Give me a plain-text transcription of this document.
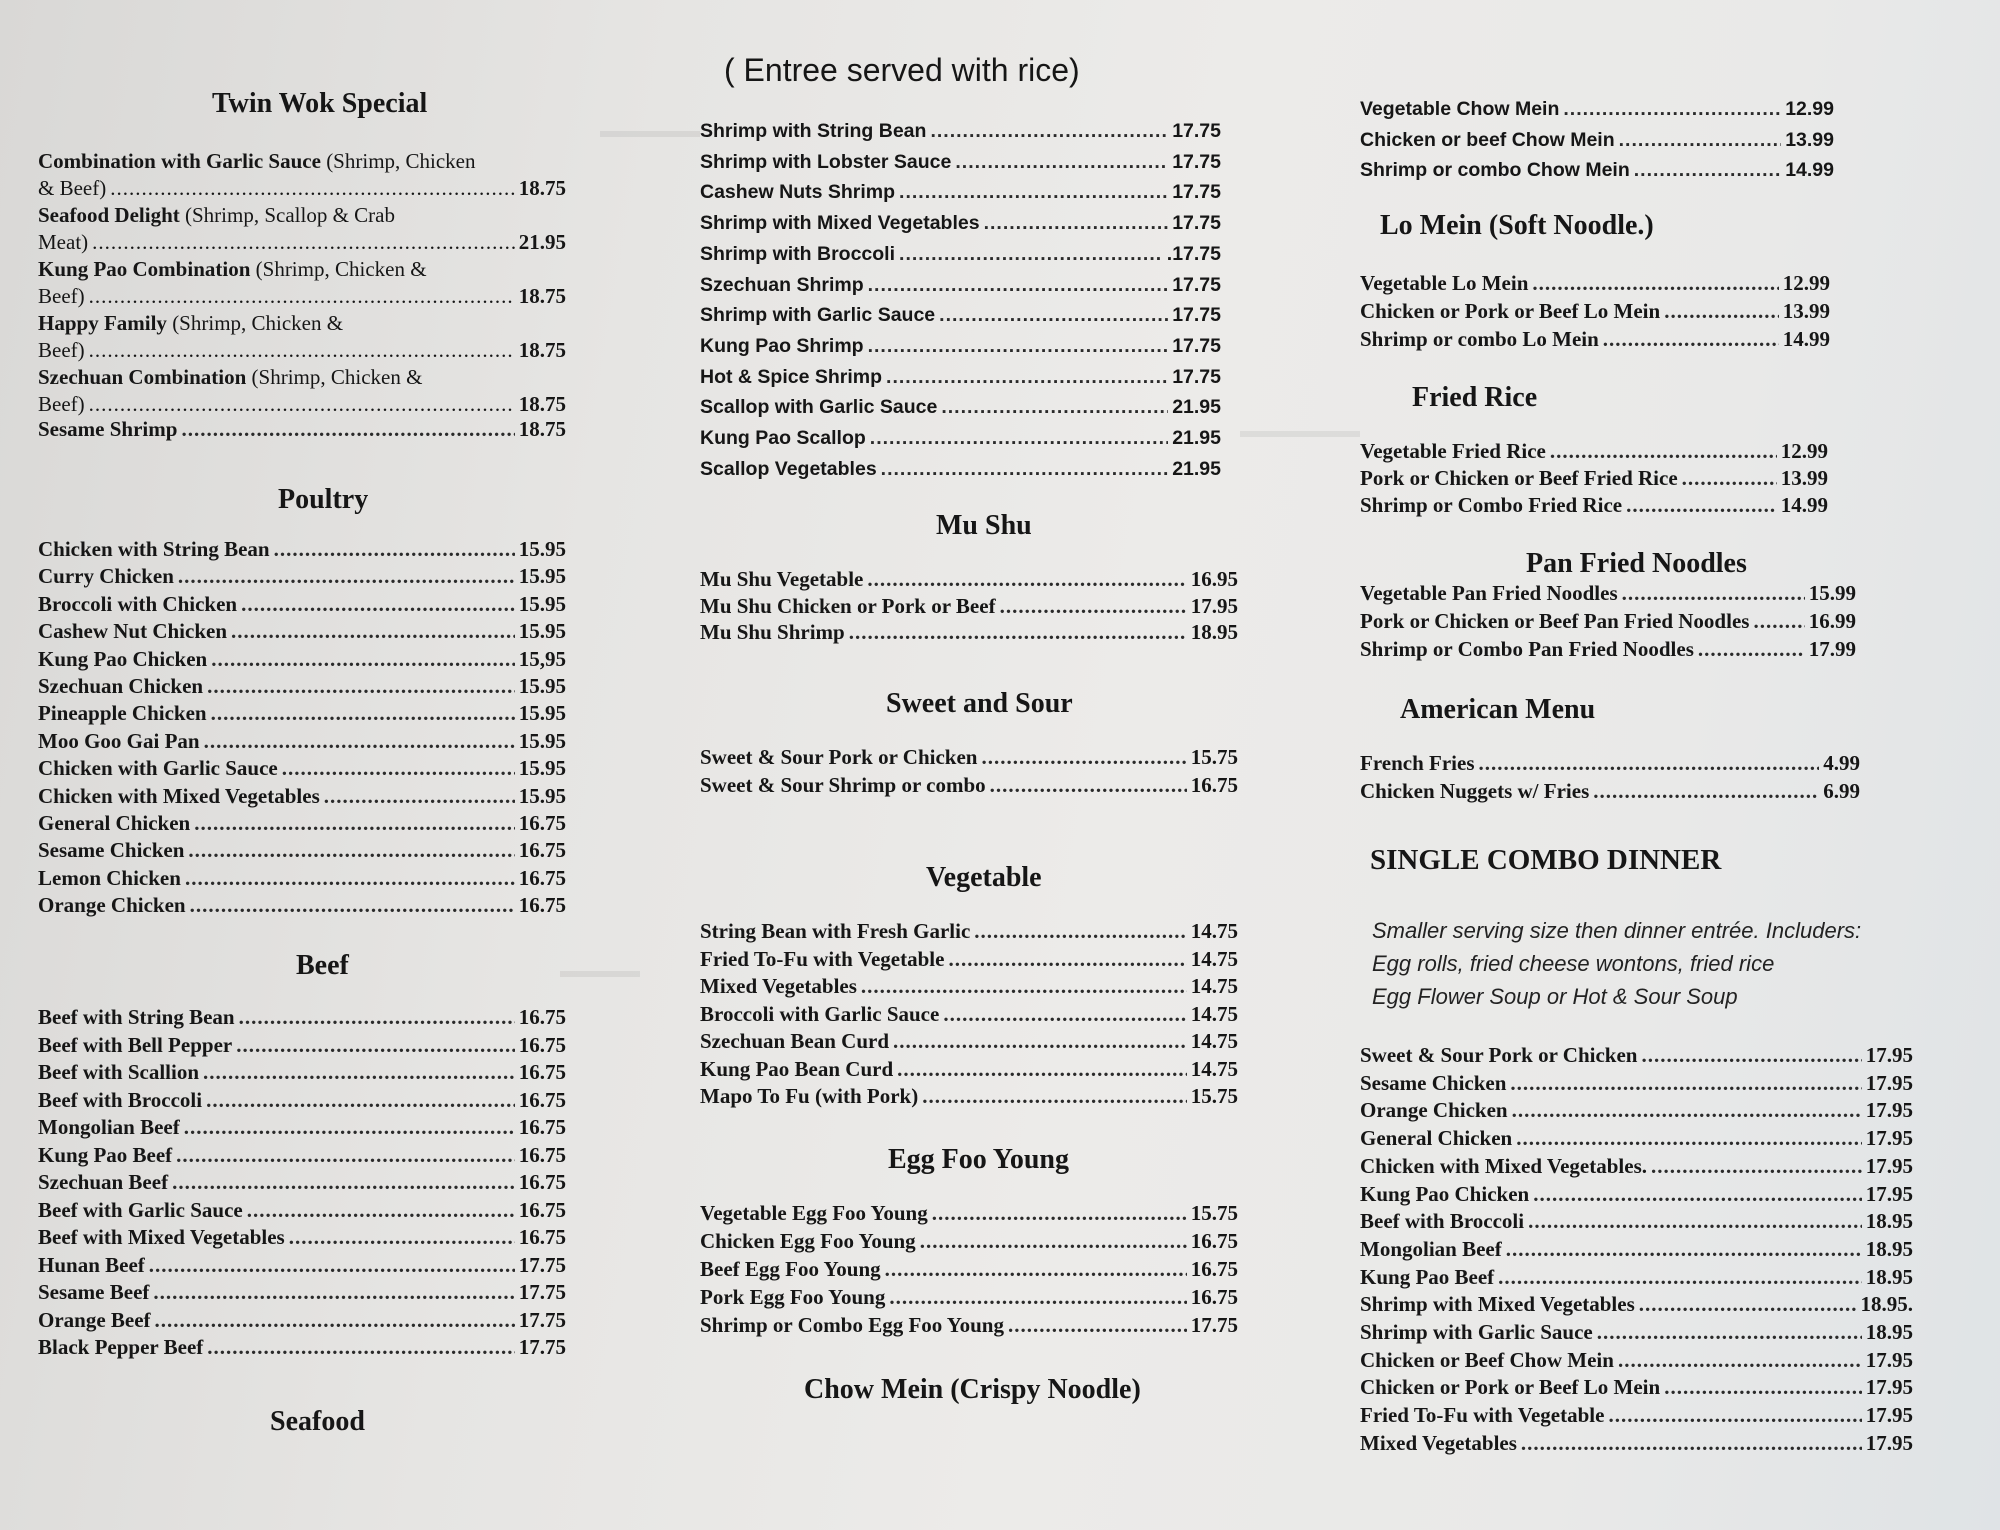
Twin Wok Special
Combination with Garlic Sauce (Shrimp, Chicken
& Beef) .....	18.75
Seafood Delight (Shrimp, Scallop & Crab
Meat) .....	21.95
Kung Pao Combination (Shrimp, Chicken &
Beef) .....	18.75
Happy Family (Shrimp, Chicken &
Beef) .....	18.75
Szechuan Combination (Shrimp, Chicken &
Beef) .....	18.75
Sesame Shrimp .....	18.75
Poultry
Chicken with String Bean .....	15.95
Curry Chicken .....	15.95
Broccoli with Chicken .....	15.95
Cashew Nut Chicken .....	15.95
Kung Pao Chicken .....	15,95
Szechuan Chicken .....	15.95
Pineapple Chicken .....	15.95
Moo Goo Gai Pan .....	15.95
Chicken with Garlic Sauce .....	15.95
Chicken with Mixed Vegetables .....	15.95
General Chicken .....	16.75
Sesame Chicken .....	16.75
Lemon Chicken .....	16.75
Orange Chicken .....	16.75
Beef
Beef with String Bean .....	16.75
Beef with Bell Pepper .....	16.75
Beef with Scallion .....	16.75
Beef with Broccoli .....	16.75
Mongolian Beef .....	16.75
Kung Pao Beef .....	16.75
Szechuan Beef .....	16.75
Beef with Garlic Sauce .....	16.75
Beef with Mixed Vegetables .....	16.75
Hunan Beef .....	17.75
Sesame Beef .....	17.75
Orange Beef .....	17.75
Black Pepper Beef .....	17.75
Seafood
( Entree served with rice)
Shrimp with String Bean .....	17.75
Shrimp with Lobster Sauce .....	17.75
Cashew Nuts Shrimp .....	17.75
Shrimp with Mixed Vegetables .....	17.75
Shrimp with Broccoli .....	.17.75
Szechuan Shrimp .....	17.75
Shrimp with Garlic Sauce .....	17.75
Kung Pao Shrimp .....	17.75
Hot & Spice Shrimp .....	17.75
Scallop with Garlic Sauce .....	21.95
Kung Pao Scallop .....	21.95
Scallop Vegetables .....	21.95
Mu Shu
Mu Shu Vegetable .....	16.95
Mu Shu Chicken or Pork or Beef .....	17.95
Mu Shu Shrimp .....	18.95
Sweet and Sour
Sweet & Sour Pork or Chicken .....	15.75
Sweet & Sour Shrimp or combo .....	16.75
Vegetable
String Bean with Fresh Garlic .....	14.75
Fried To-Fu with Vegetable .....	14.75
Mixed Vegetables .....	14.75
Broccoli with Garlic Sauce .....	14.75
Szechuan Bean Curd .....	14.75
Kung Pao Bean Curd .....	14.75
Mapo To Fu (with Pork) .....	15.75
Egg Foo Young
Vegetable Egg Foo Young .....	15.75
Chicken Egg Foo Young .....	16.75
Beef Egg Foo Young .....	16.75
Pork Egg Foo Young .....	16.75
Shrimp or Combo Egg Foo Young .....	17.75
Chow Mein (Crispy Noodle)
Vegetable Chow Mein .....	12.99
Chicken or beef Chow Mein .....	13.99
Shrimp or combo Chow Mein .....	14.99
Lo Mein (Soft Noodle.)
Vegetable Lo Mein .....	12.99
Chicken or Pork or Beef Lo Mein .....	13.99
Shrimp or combo Lo Mein .....	14.99
Fried Rice
Vegetable Fried Rice .....	12.99
Pork or Chicken or Beef Fried Rice .....	13.99
Shrimp or Combo Fried Rice .....	14.99
Pan Fried Noodles
Vegetable Pan Fried Noodles .....	15.99
Pork or Chicken or Beef Pan Fried Noodles .....	16.99
Shrimp or Combo Pan Fried Noodles .....	17.99
American Menu
French Fries .....	4.99
Chicken Nuggets w/ Fries .....	6.99
SINGLE COMBO DINNER
Smaller serving size then dinner entrée. Includers:
Egg rolls, fried cheese wontons, fried rice
Egg Flower Soup or Hot & Sour Soup
Sweet & Sour Pork or Chicken .....	17.95
Sesame Chicken .....	17.95
Orange Chicken .....	17.95
General Chicken .....	17.95
Chicken with Mixed Vegetables. .....	17.95
Kung Pao Chicken .....	17.95
Beef with Broccoli .....	18.95
Mongolian Beef .....	18.95
Kung Pao Beef .....	18.95
Shrimp with Mixed Vegetables .....	18.95.
Shrimp with Garlic Sauce .....	18.95
Chicken or Beef Chow Mein .....	17.95
Chicken or Pork or Beef Lo Mein .....	17.95
Fried To-Fu with Vegetable .....	17.95
Mixed Vegetables .....	17.95
▬▬▬▬▬
▬▬▬▬▬▬
▬▬▬▬
